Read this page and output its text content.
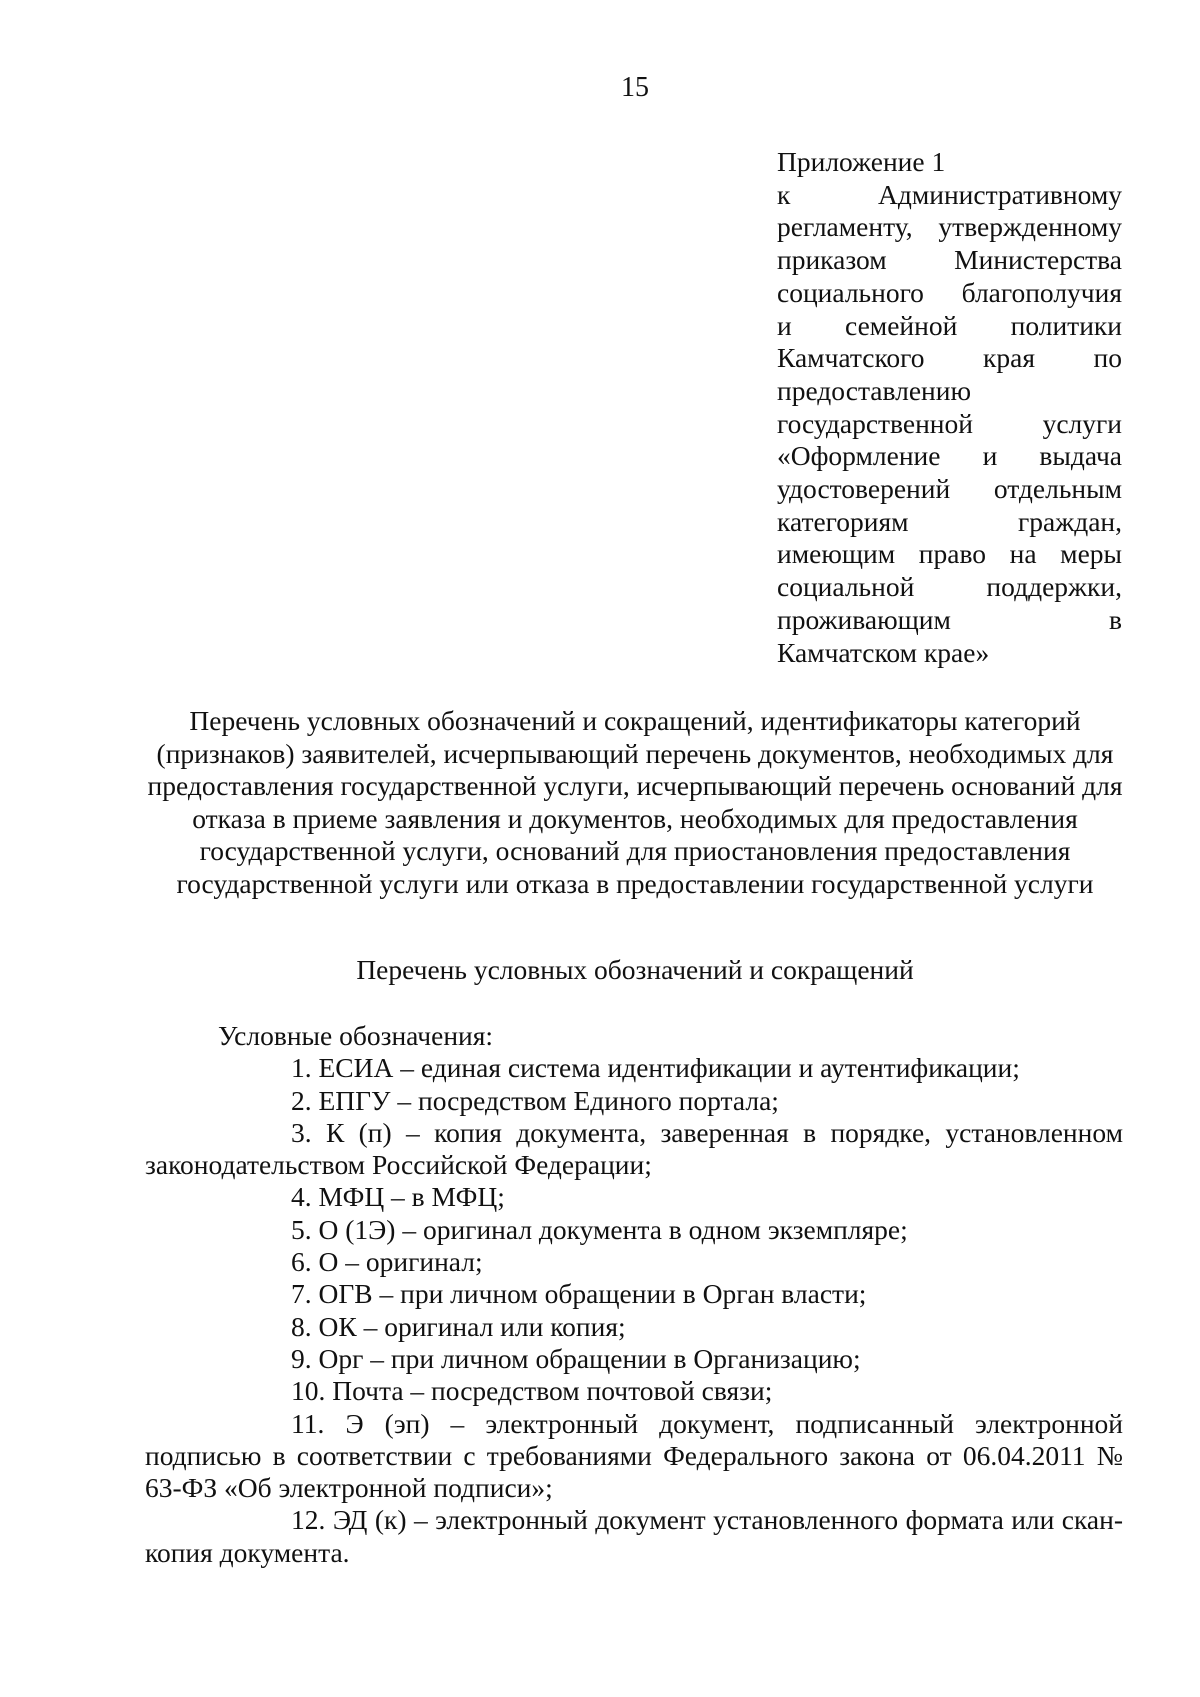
15
Приложение 1
к Административному
регламенту, утвержденному
приказом Министерства
социального благополучия
и семейной политики
Камчатского края по
предоставлению
государственной услуги
«Оформление и выдача
удостоверений отдельным
категориям граждан,
имеющим право на меры
социальной поддержки,
проживающим в
Камчатском крае»
Перечень условных обозначений и сокращений, идентификаторы категорий (признаков) заявителей, исчерпывающий перечень документов, необходимых для предоставления государственной услуги, исчерпывающий перечень оснований для отказа в приеме заявления и документов, необходимых для предоставления государственной услуги, оснований для приостановления предоставления государственной услуги или отказа в предоставлении государственной услуги
Перечень условных обозначений и сокращений
Условные обозначения:
1. ЕСИА – единая система идентификации и аутентификации;
2. ЕПГУ – посредством Единого портала;
3. К (п) – копия документа, заверенная в порядке, установленном законодательством Российской Федерации;
4. МФЦ – в МФЦ;
5. О (1Э) – оригинал документа в одном экземпляре;
6. О – оригинал;
7. ОГВ – при личном обращении в Орган власти;
8. ОК – оригинал или копия;
9. Орг – при личном обращении в Организацию;
10. Почта – посредством почтовой связи;
11. Э (эп) – электронный документ, подписанный электронной подписью в соответствии с требованиями Федерального закона от 06.04.2011 № 63-ФЗ «Об электронной подписи»;
12. ЭД (к) – электронный документ установленного формата или скан-копия документа.
